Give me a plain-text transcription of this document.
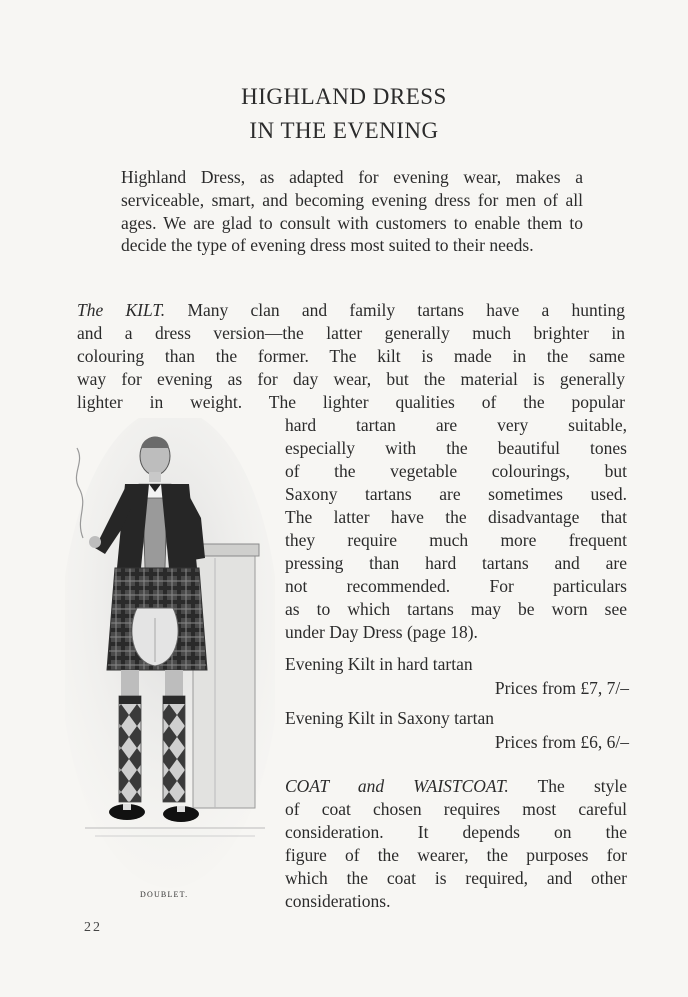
HIGHLAND DRESS
IN THE EVENING
Highland Dress, as adapted for evening wear, makes a serviceable, smart, and becoming evening dress for men of all ages. We are glad to consult with customers to enable them to decide the type of evening dress most suited to their needs.
The KILT. Many clan and family tartans have a hunting
and a dress version—the latter generally much brighter in
colouring than the former. The kilt is made in the same
way for evening as for day wear, but the material is generally
lighter in weight. The lighter qualities of the popular
hard tartan are very suitable,
especially with the beautiful tones
of the vegetable colourings, but
Saxony tartans are sometimes used.
The latter have the disadvantage that
they require much more frequent
pressing than hard tartans and are
not recommended. For particulars
as to which tartans may be worn see
under Day Dress (page 18).
Evening Kilt in hard tartan
Prices from £7, 7/–
Evening Kilt in Saxony tartan
Prices from £6, 6/–
COAT and WAISTCOAT. The style
of coat chosen requires most careful
consideration. It depends on the
figure of the wearer, the purposes for
which the coat is required, and other
considerations.
DOUBLET.
22
